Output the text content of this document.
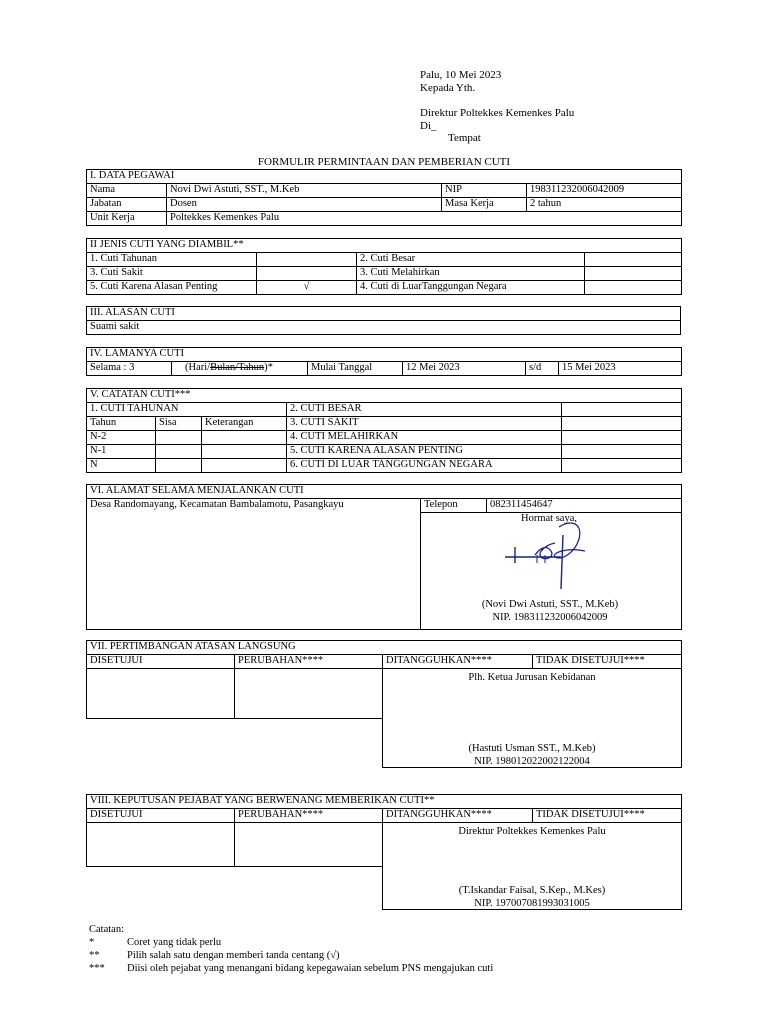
Palu, 10 Mei 2023
Kepada Yth.
Direktur Poltekkes Kemenkes Palu
Di_
Tempat
FORMULIR PERMINTAAN DAN PEMBERIAN CUTI
I. DATA PEGAWAI			
Nama	Novi Dwi Astuti, SST., M.Keb	NIP	198311232006042009
Jabatan	Dosen	Masa Kerja	2 tahun
Unit Kerja	Poltekkes Kemenkes Palu		
II JENIS CUTI YANG DIAMBIL**			
1. Cuti Tahunan		2. Cuti Besar	
3. Cuti Sakit		3. Cuti Melahirkan	
5. Cuti Karena Alasan Penting	√	4. Cuti di LuarTanggungan Negara	
III. ALASAN CUTI
Suami sakit
IV. LAMANYA CUTI
Selama : 3	(Hari/Bulan/Tahun)*	Mulai Tanggal	12 Mei 2023	s/d	15 Mei 2023
V. CATATAN CUTI***				
1. CUTI TAHUNAN			2. CUTI BESAR	
Tahun	Sisa	Keterangan	3. CUTI SAKIT	
N-2			4. CUTI MELAHIRKAN	
N-1			5. CUTI KARENA ALASAN PENTING	
N			6. CUTI DI LUAR TANGGUNGAN NEGARA	
VI. ALAMAT SELAMA MENJALANKAN CUTI
Desa Randomayang, Kecamatan Bambalamotu, Pasangkayu	Telepon	082311454647

Hormat saya,
(Novi Dwi Astuti, SST., M.Keb)
NIP. 198311232006042009
VII. PERTIMBANGAN ATASAN LANGSUNG			
DISETUJUI	PERUBAHAN****	DITANGGUHKAN****	TIDAK DISETUJUI****

		Plh. Ketua Jurusan Kebidanan
(Hastuti Usman SST., M.Keb)
NIP. 198012022002122004	

VIII. KEPUTUSAN PEJABAT YANG BERWENANG MEMBERIKAN CUTI**			
DISETUJUI	PERUBAHAN****	DITANGGUHKAN****	TIDAK DISETUJUI****

		Direktur Poltekkes Kemenkes Palu
(T.Iskandar Faisal, S.Kep., M.Kes)
NIP. 197007081993031005	

Catatan:
*	Coret yang tidak perlu
**	Pilih salah satu dengan memberi tanda centang (√)
***	Diisi oleh pejabat yang menangani bidang kepegawaian sebelum PNS mengajukan cuti
